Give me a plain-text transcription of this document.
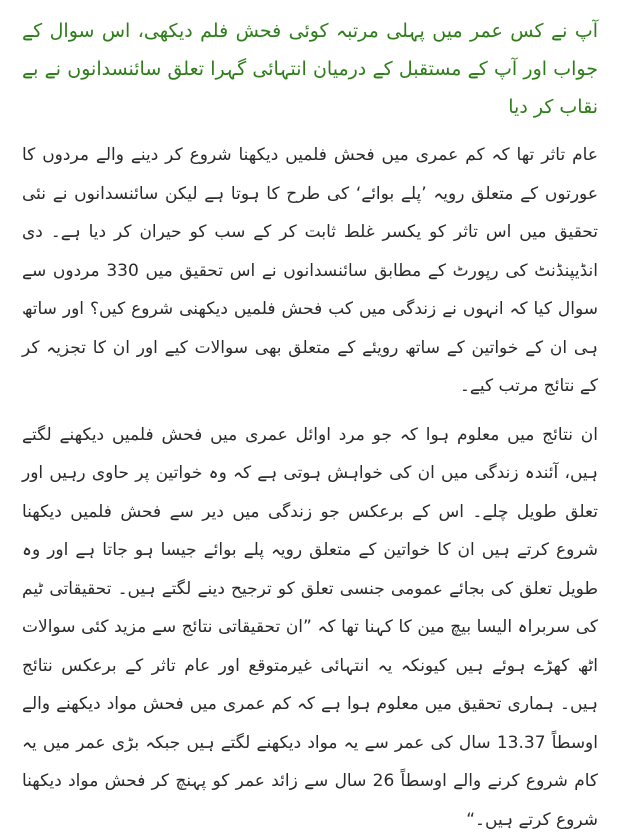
آپ نے کس عمر میں پہلی مرتبہ کوئی فحش فلم دیکھی، اس سوال کے جواب اور آپ کے مستقبل کے درمیان انتہائی گہرا تعلق سائنسدانوں نے بے نقاب کر دیا

عام تاثر تھا کہ کم عمری میں فحش فلمیں دیکھنا شروع کر دینے والے مردوں کا عورتوں کے متعلق رویہ ’پلے بوائے‘ کی طرح کا ہوتا ہے لیکن سائنسدانوں نے نئی تحقیق میں اس تاثر کو یکسر غلط ثابت کر کے سب کو حیران کر دیا ہے۔ دی انڈیپنڈنٹ کی رپورٹ کے مطابق سائنسدانوں نے اس تحقیق میں 330 مردوں سے سوال کیا کہ انہوں نے زندگی میں کب فحش فلمیں دیکھنی شروع کیں؟ اور ساتھ ہی ان کے خواتین کے ساتھ رویئے کے متعلق بھی سوالات کیے اور ان کا تجزیہ کر کے نتائج مرتب کیے۔

ان نتائج میں معلوم ہوا کہ جو مرد اوائل عمری میں فحش فلمیں دیکھنے لگتے ہیں، آئندہ زندگی میں ان کی خواہش ہوتی ہے کہ وہ خواتین پر حاوی رہیں اور تعلق طویل چلے۔ اس کے برعکس جو زندگی میں دیر سے فحش فلمیں دیکھنا شروع کرتے ہیں ان کا خواتین کے متعلق رویہ پلے بوائے جیسا ہو جاتا ہے اور وہ طویل تعلق کی بجائے عمومی جنسی تعلق کو ترجیح دینے لگتے ہیں۔ تحقیقاتی ٹیم کی سربراہ الیسا بیچ مین کا کہنا تھا کہ ”ان تحقیقاتی نتائج سے مزید کئی سوالات اٹھ کھڑے ہوئے ہیں کیونکہ یہ انتہائی غیرمتوقع اور عام تاثر کے برعکس نتائج ہیں۔ ہماری تحقیق میں معلوم ہوا ہے کہ کم عمری میں فحش مواد دیکھنے والے اوسطاً 13.37 سال کی عمر سے یہ مواد دیکھنے لگتے ہیں جبکہ بڑی عمر میں یہ کام شروع کرنے والے اوسطاً 26 سال سے زائد عمر کو پہنچ کر فحش مواد دیکھنا شروع کرتے ہیں۔“
